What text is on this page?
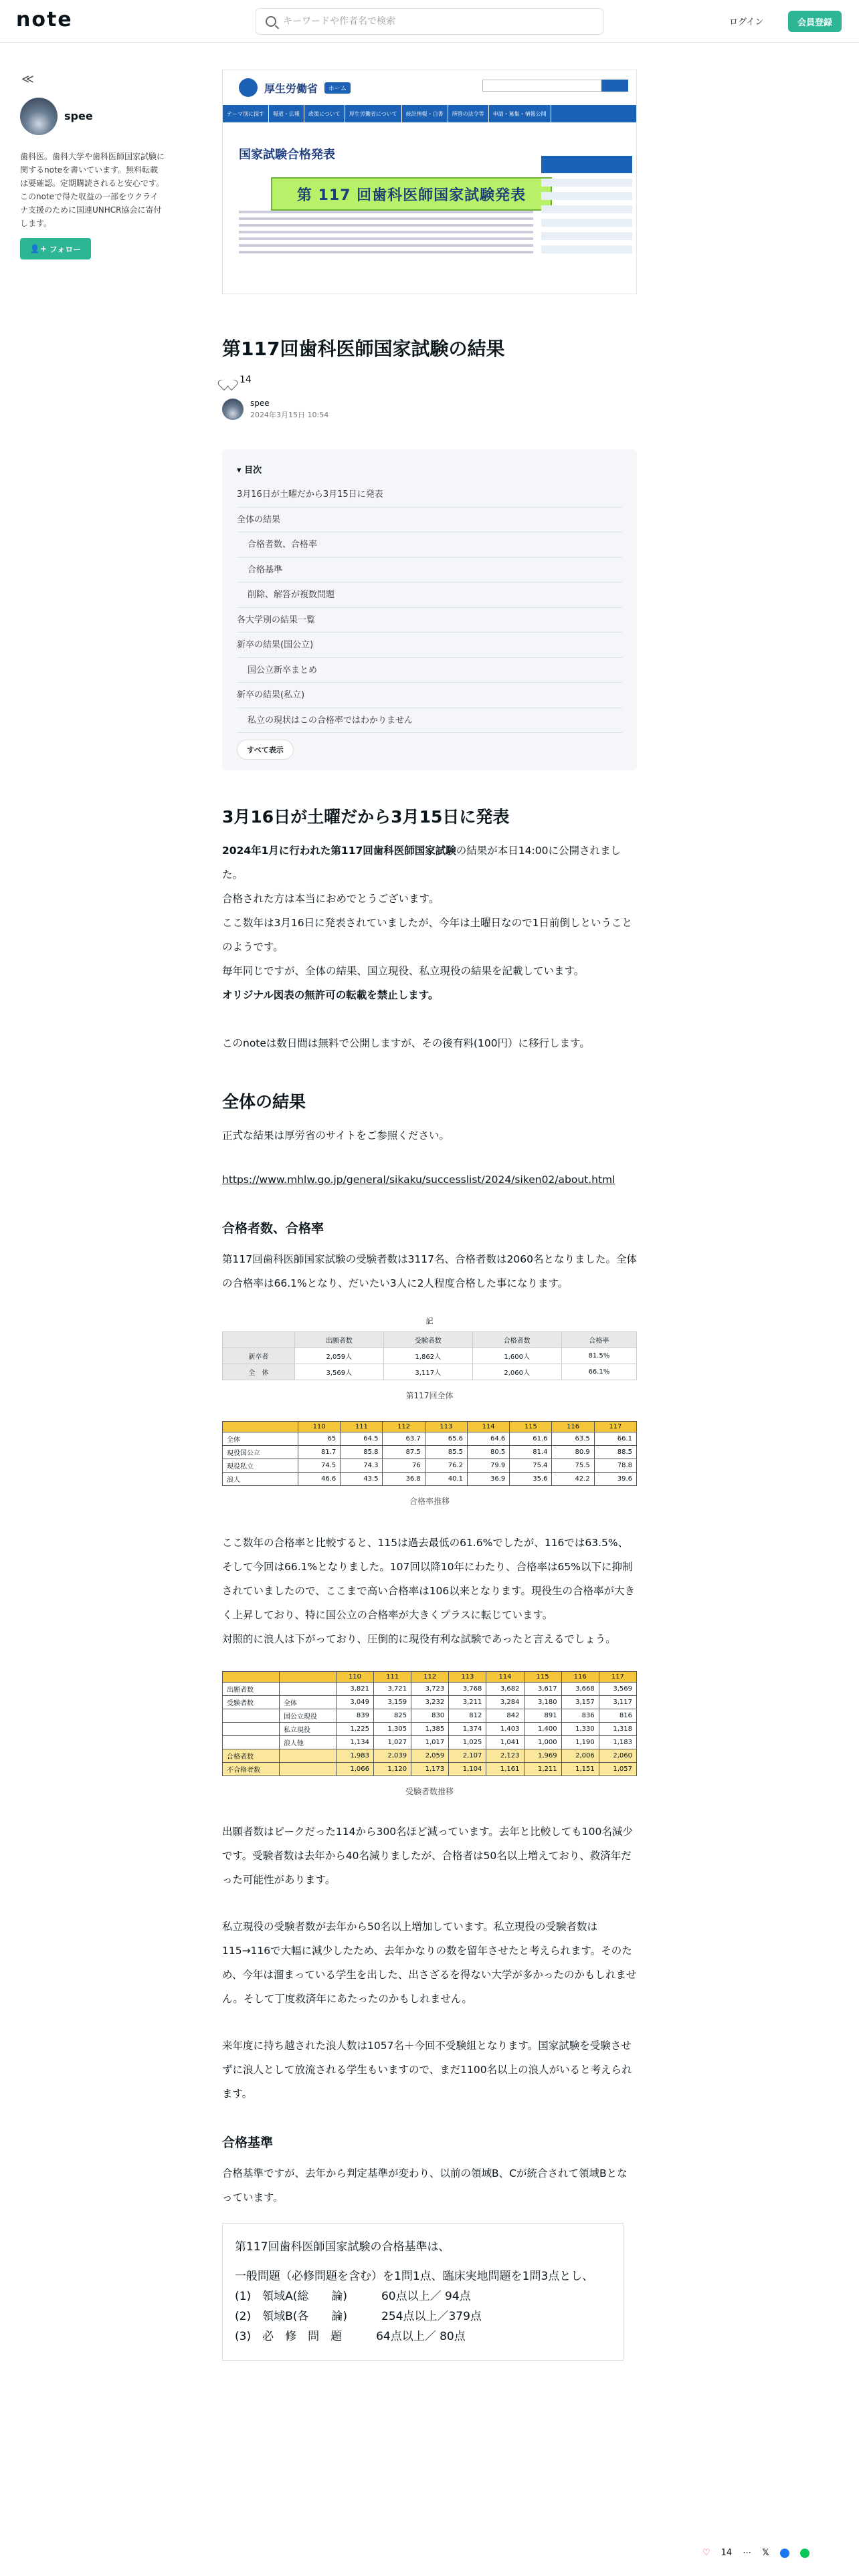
note
キーワードや作者名で検索	ログイン	会員登録
≪
spee
歯科医。歯科大学や歯科医師国家試験に関するnoteを書いています。無料転載は要確認。定期購読されると安心です。このnoteで得た収益の一部をウクライナ支援のために国連UNHCR協会に寄付します。
👤+ フォロー
厚生労働省	ホーム
テーマ別に探す	報道・広報	政策について	厚生労働省について	統計情報・白書	所管の法令等	申請・募集・情報公開
国家試験合格発表
第 117 回歯科医師国家試験発表
第117回歯科医師国家試験の結果
14
spee
2024年3月15日 10:54
▾ 目次
3月16日が土曜だから3月15日に発表
全体の結果
合格者数、合格率
合格基準
削除、解答が複数問題
各大学別の結果一覧
新卒の結果(国公立)
国公立新卒まとめ
新卒の結果(私立)
私立の現状はこの合格率ではわかりません
すべて表示
3月16日が土曜だから3月15日に発表

2024年1月に行われた第117回歯科医師国家試験の結果が本日14:00に公開されました。
合格された方は本当におめでとうございます。
ここ数年は3月16日に発表されていましたが、今年は土曜日なので1日前倒しということのようです。
毎年同じですが、全体の結果、国立現役、私立現役の結果を記載しています。
オリジナル図表の無許可の転載を禁止します。

このnoteは数日間は無料で公開しますが、その後有料(100円）に移行します。

全体の結果

正式な結果は厚労省のサイトをご参照ください。

https://www.mhlw.go.jp/general/sikaku/successlist/2024/siken02/about.html

合格者数、合格率

第117回歯科医師国家試験の受験者数は3117名、合格者数は2060名となりました。全体の合格率は66.1%となり、だいたい3人に2人程度合格した事になります。

記
	出願者数	受験者数	合格者数	合格率
新卒者	2,059人	1,862人	1,600人	81.5%
全　体	3,569人	3,117人	2,060人	66.1%
第117回全体
	110	111	112	113	114	115	116	117
全体	65	64.5	63.7	65.6	64.6	61.6	63.5	66.1
現役国公立	81.7	85.8	87.5	85.5	80.5	81.4	80.9	88.5
現役私立	74.5	74.3	76	76.2	79.9	75.4	75.5	78.8
浪人	46.6	43.5	36.8	40.1	36.9	35.6	42.2	39.6
合格率推移

ここ数年の合格率と比較すると、115は過去最低の61.6%でしたが、116では63.5%、そして今回は66.1%となりました。107回以降10年にわたり、合格率は65%以下に抑制されていましたので、ここまで高い合格率は106以来となります。現役生の合格率が大きく上昇しており、特に国公立の合格率が大きくプラスに転じています。
対照的に浪人は下がっており、圧倒的に現役有利な試験であったと言えるでしょう。

		110	111	112	113	114	115	116	117
出願者数		3,821	3,721	3,723	3,768	3,682	3,617	3,668	3,569
受験者数	全体	3,049	3,159	3,232	3,211	3,284	3,180	3,157	3,117
	国公立現役	839	825	830	812	842	891	836	816
	私立現役	1,225	1,305	1,385	1,374	1,403	1,400	1,330	1,318
	浪人他	1,134	1,027	1,017	1,025	1,041	1,000	1,190	1,183
合格者数		1,983	2,039	2,059	2,107	2,123	1,969	2,006	2,060
不合格者数		1,066	1,120	1,173	1,104	1,161	1,211	1,151	1,057
受験者数推移

出願者数はピークだった114から300名ほど減っています。去年と比較しても100名減少です。受験者数は去年から40名減りましたが、合格者は50名以上増えており、救済年だった可能性があります。

私立現役の受験者数が去年から50名以上増加しています。私立現役の受験者数は115→116で大幅に減少したため、去年かなりの数を留年させたと考えられます。そのため、今年は溜まっている学生を出した、出さざるを得ない大学が多かったのかもしれません。そして丁度救済年にあたったのかもしれません。

来年度に持ち越された浪人数は1057名＋今回不受験組となります。国家試験を受験させずに浪人として放流される学生もいますので、まだ1100名以上の浪人がいると考えられます。

合格基準

合格基準ですが、去年から判定基準が変わり、以前の領域B、Cが統合されて領域Bとなっています。

第117回歯科医師国家試験の合格基準は、
一般問題（必修問題を含む）を1問1点、臨床実地問題を1問3点とし、
(1)　領域A(総　　論)　　　60点以上／ 94点
(2)　領域B(各　　論)　　　254点以上／379点
(3)　必　修　問　題　　　64点以上／ 80点
♡ 14 ⋯ 𝕏
